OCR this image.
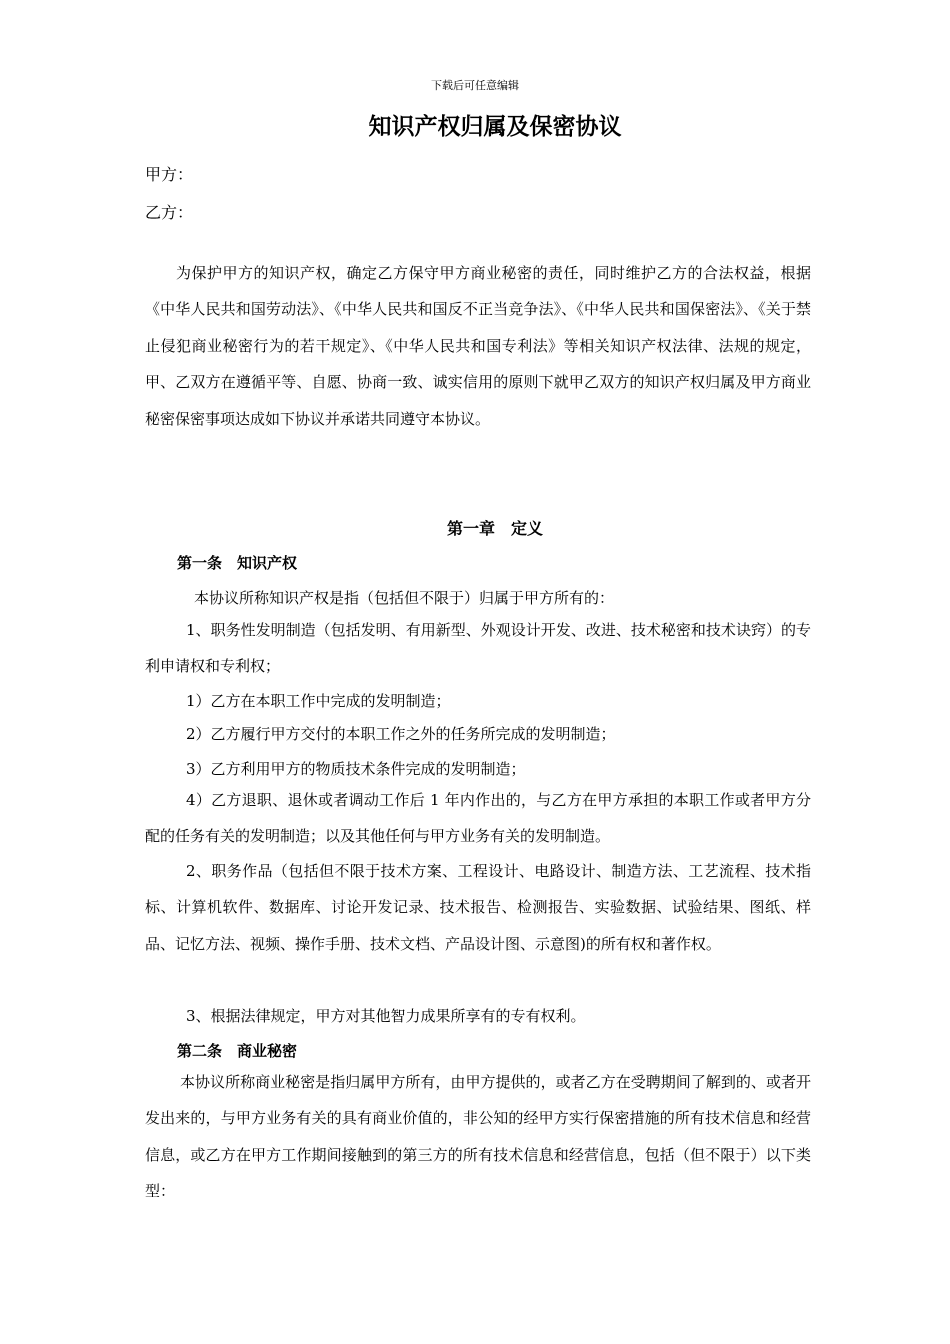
下载后可任意编辑
知识产权归属及保密协议
甲方：
乙方：

为保护甲方的知识产权，确定乙方保守甲方商业秘密的责任，同时维护乙方的合法权益，根据《中华人民共和国劳动法》、《中华人民共和国反不正当竞争法》、《中华人民共和国保密法》、《关于禁止侵犯商业秘密行为的若干规定》、《中华人民共和国专利法》等相关知识产权法律、法规的规定，甲、乙双方在遵循平等、自愿、协商一致、诚实信用的原则下就甲乙双方的知识产权归属及甲方商业秘密保密事项达成如下协议并承诺共同遵守本协议。

第一章　定义
第一条　知识产权
本协议所称知识产权是指（包括但不限于）归属于甲方所有的：

1、职务性发明制造（包括发明、有用新型、外观设计开发、改进、技术秘密和技术诀窍）的专利申请权和专利权；

1）乙方在本职工作中完成的发明制造；
2）乙方履行甲方交付的本职工作之外的任务所完成的发明制造；
3）乙方利用甲方的物质技术条件完成的发明制造；

4）乙方退职、退休或者调动工作后 1 年内作出的，与乙方在甲方承担的本职工作或者甲方分配的任务有关的发明制造；以及其他任何与甲方业务有关的发明制造。

2、职务作品（包括但不限于技术方案、工程设计、电路设计、制造方法、工艺流程、技术指标、计算机软件、数据库、讨论开发记录、技术报告、检测报告、实验数据、试验结果、图纸、样品、记忆方法、视频、操作手册、技术文档、产品设计图、示意图)的所有权和著作权。

3、根据法律规定，甲方对其他智力成果所享有的专有权利。
第二条　商业秘密

本协议所称商业秘密是指归属甲方所有，由甲方提供的，或者乙方在受聘期间了解到的、或者开发出来的，与甲方业务有关的具有商业价值的，非公知的经甲方实行保密措施的所有技术信息和经营信息，或乙方在甲方工作期间接触到的第三方的所有技术信息和经营信息，包括（但不限于）以下类型：
